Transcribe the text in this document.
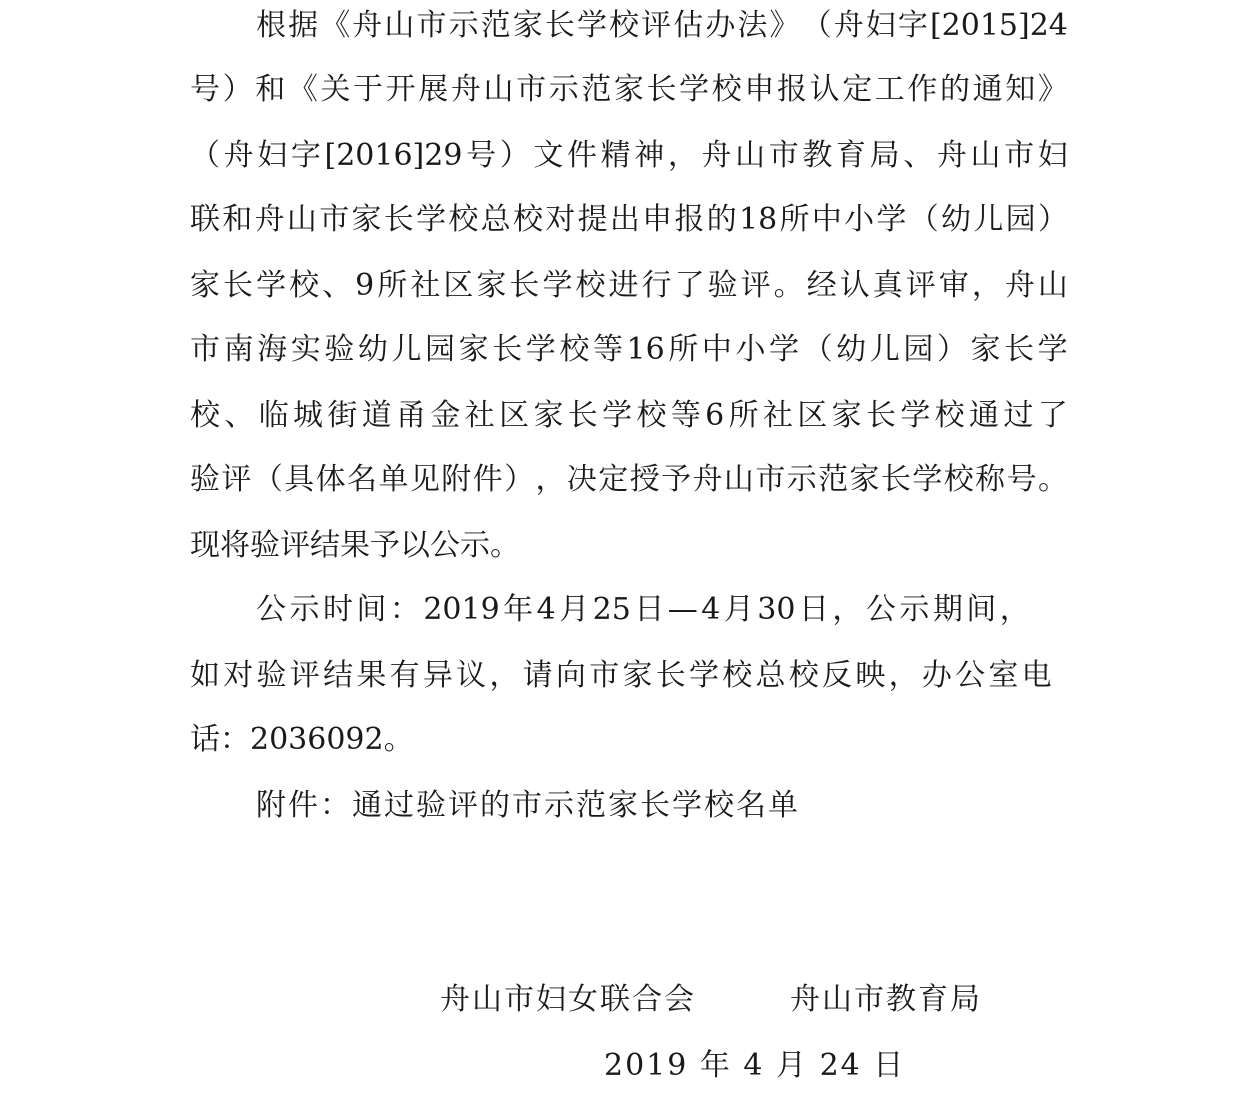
根 据 《 舟 山 市 示 范 家 长 学 校 评 估 办 法 》 （ 舟 妇 字 [2015]24
号 ） 和 《 关 于 开 展 舟 山 市 示 范 家 长 学 校 申 报 认 定 工 作 的 通 知 》
（ 舟 妇 字 [2016]29 号 ） 文 件 精 神 ， 舟 山 市 教 育 局 、 舟 山 市 妇
联 和 舟 山 市 家 长 学 校 总 校 对 提 出 申 报 的 18 所 中 小 学 （ 幼 儿 园 ）
家 长 学 校 、 9 所 社 区 家 长 学 校 进 行 了 验 评 。 经 认 真 评 审 ， 舟 山
市 南 海 实 验 幼 儿 园 家 长 学 校 等 16 所 中 小 学 （ 幼 儿 园 ） 家 长 学
校 、 临 城 街 道 甬 金 社 区 家 长 学 校 等 6 所 社 区 家 长 学 校 通 过 了
验 评 （ 具 体 名 单 见 附 件 ） ， 决 定 授 予 舟 山 市 示 范 家 长 学 校 称 号 。
现将验评结果予以公示。
公 示 时 间 ： 2019 年 4 月 25 日 — 4 月 30 日 ， 公 示 期 间 ，
如 对 验 评 结 果 有 异 议 ， 请 向 市 家 长 学 校 总 校 反 映 ， 办 公 室 电
话：2036092。
附件：通过验评的市示范家长学校名单
舟山市妇女联合会	舟山市教育局
2019 年 4 月 24 日
